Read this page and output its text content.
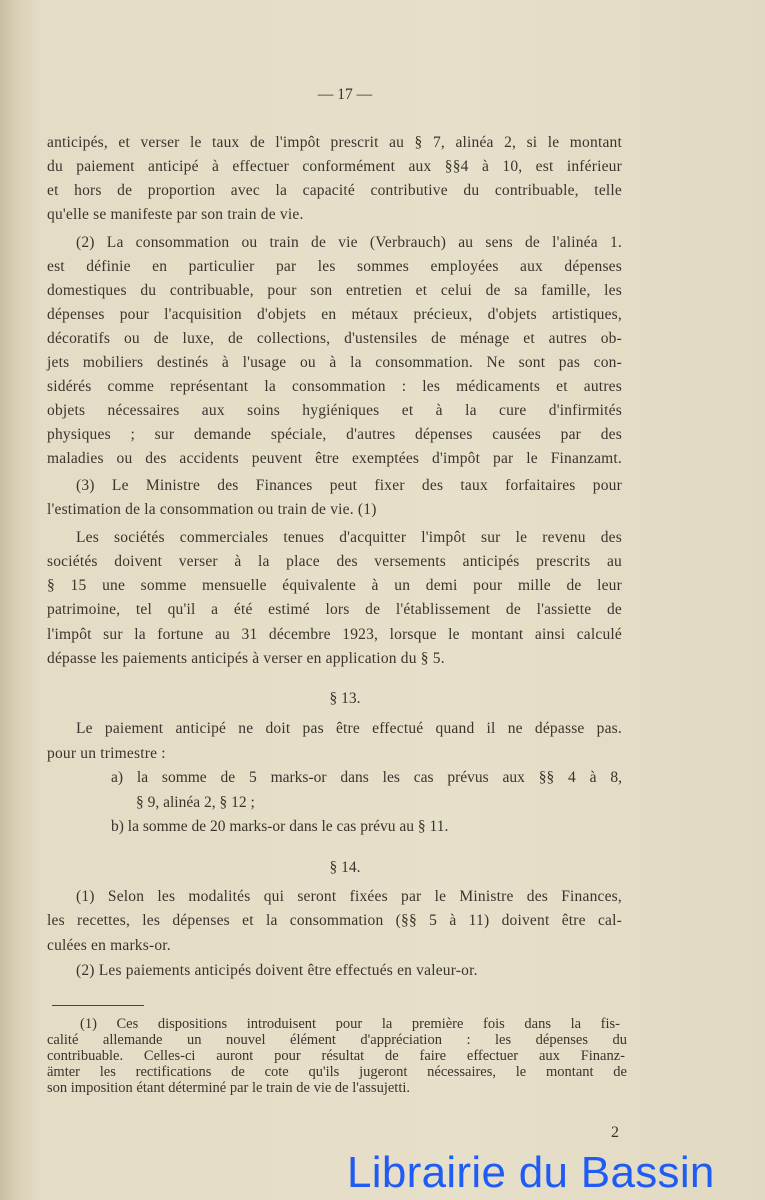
— 17 —
anticipés, et verser le taux de l'impôt prescrit au § 7, alinéa 2, si le montant
du paiement anticipé à effectuer conformément aux §§4 à 10, est inférieur
et hors de proportion avec la capacité contributive du contribuable, telle
qu'elle se manifeste par son train de vie.
(2) La consommation ou train de vie (Verbrauch) au sens de l'alinéa 1.
est définie en particulier par les sommes employées aux dépenses
domestiques du contribuable, pour son entretien et celui de sa famille, les
dépenses pour l'acquisition d'objets en métaux précieux, d'objets artistiques,
décoratifs ou de luxe, de collections, d'ustensiles de ménage et autres ob-
jets mobiliers destinés à l'usage ou à la consommation. Ne sont pas con-
sidérés comme représentant la consommation : les médicaments et autres
objets nécessaires aux soins hygiéniques et à la cure d'infirmités
physiques ; sur demande spéciale, d'autres dépenses causées par des
maladies ou des accidents peuvent être exemptées d'impôt par le Finanzamt.
(3) Le Ministre des Finances peut fixer des taux forfaitaires pour
l'estimation de la consommation ou train de vie. (1)
Les sociétés commerciales tenues d'acquitter l'impôt sur le revenu des
sociétés doivent verser à la place des versements anticipés prescrits au
§ 15 une somme mensuelle équivalente à un demi pour mille de leur
patrimoine, tel qu'il a été estimé lors de l'établissement de l'assiette de
l'impôt sur la fortune au 31 décembre 1923, lorsque le montant ainsi calculé
dépasse les paiements anticipés à verser en application du § 5.
§ 13.
Le paiement anticipé ne doit pas être effectué quand il ne dépasse pas.
pour un trimestre :
a) la somme de 5 marks-or dans les cas prévus aux §§ 4 à 8,
§ 9, alinéa 2, § 12 ;
b) la somme de 20 marks-or dans le cas prévu au § 11.
§ 14.
(1) Selon les modalités qui seront fixées par le Ministre des Finances,
les recettes, les dépenses et la consommation (§§ 5 à 11) doivent être cal-
culées en marks-or.
(2) Les paiements anticipés doivent être effectués en valeur-or.
(1) Ces dispositions introduisent pour la première fois dans la fis-
calité allemande un nouvel élément d'appréciation : les dépenses du
contribuable. Celles-ci auront pour résultat de faire effectuer aux Finanz-
ämter les rectifications de cote qu'ils jugeront nécessaires, le montant de
son imposition étant déterminé par le train de vie de l'assujetti.
2
Librairie du Bassin
